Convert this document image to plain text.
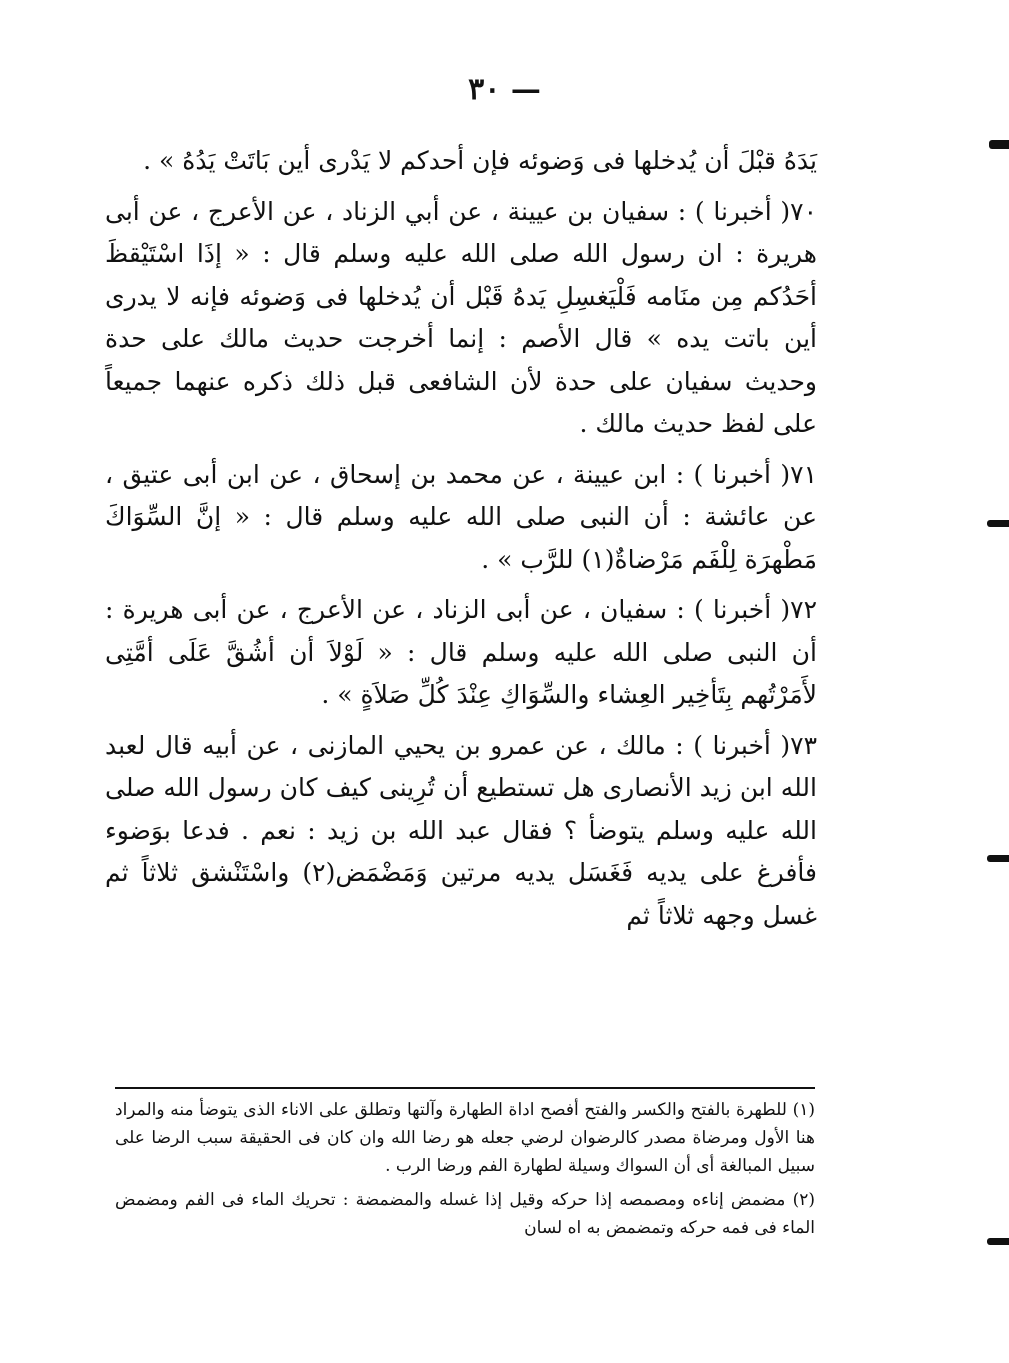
— ٣٠

يَدَهُ قبْلَ أن يُدخلها فى وَضوئه فإن أحدكم لا يَدْرى أين بَاتَتْ يَدُهُ » .

٧٠( أخبرنا ) : سفيان بن عيينة ، عن أبي الزناد ، عن الأعرج ، عن أبى هريرة : ان رسول الله صلى الله عليه وسلم قال : « إذَا اسْتَيْقظَ أحَدُكم مِن منَامه فَلْيَغسِلِ يَدهُ قَبْل أن يُدخلها فى وَضوئه فإنه لا يدرى أين باتت يده » قال الأصم : إنما أخرجت حديث مالك على حدة وحديث سفيان على حدة لأن الشافعى قبل ذلك ذكره عنهما جميعاً على لفظ حديث مالك .

٧١( أخبرنا ) : ابن عيينة ، عن محمد بن إسحاق ، عن ابن أبى عتيق ، عن عائشة : أن النبى صلى الله عليه وسلم قال : « إنَّ السِّوَاكَ مَطْهرَة لِلْفَم مَرْضاةٌ(١) للرَّب » .

٧٢( أخبرنا ) : سفيان ، عن أبى الزناد ، عن الأعرج ، عن أبى هريرة : أن النبى صلى الله عليه وسلم قال : « لَوْلاَ أن أشُقَّ عَلَى أمَّتِى لأَمَرْتُهم بِتَأخِير العِشاء والسِّوَاكِ عِنْدَ كُلِّ صَلاَةٍ » .

٧٣( أخبرنا ) : مالك ، عن عمرو بن يحيي المازنى ، عن أبيه قال لعبد الله ابن زيد الأنصارى هل تستطيع أن تُرِينى كيف كان رسول الله صلى الله عليه وسلم يتوضأ ؟ فقال عبد الله بن زيد : نعم . فدعا بوَضوء فأفرغ على يديه فَغَسَل يديه مرتين وَمَضْمَض(٢) واسْتَنْشق ثلاثاً ثم غسل وجهه ثلاثاً ثم

(١) للطهرة بالفتح والكسر والفتح أفصح اداة الطهارة وآلتها وتطلق على الاناء الذى يتوضأ منه والمراد هنا الأول ومرضاة مصدر كالرضوان لرضي جعله هو رضا الله وان كان فى الحقيقة سبب الرضا على سبيل المبالغة أى أن السواك وسيلة لطهارة الفم ورضا الرب .

(٢) مضمض إناءه ومصمصه إذا حركه وقيل إذا غسله والمضمضة : تحريك الماء فى الفم ومضمض الماء فى فمه حركه وتمضمض به اه لسان
